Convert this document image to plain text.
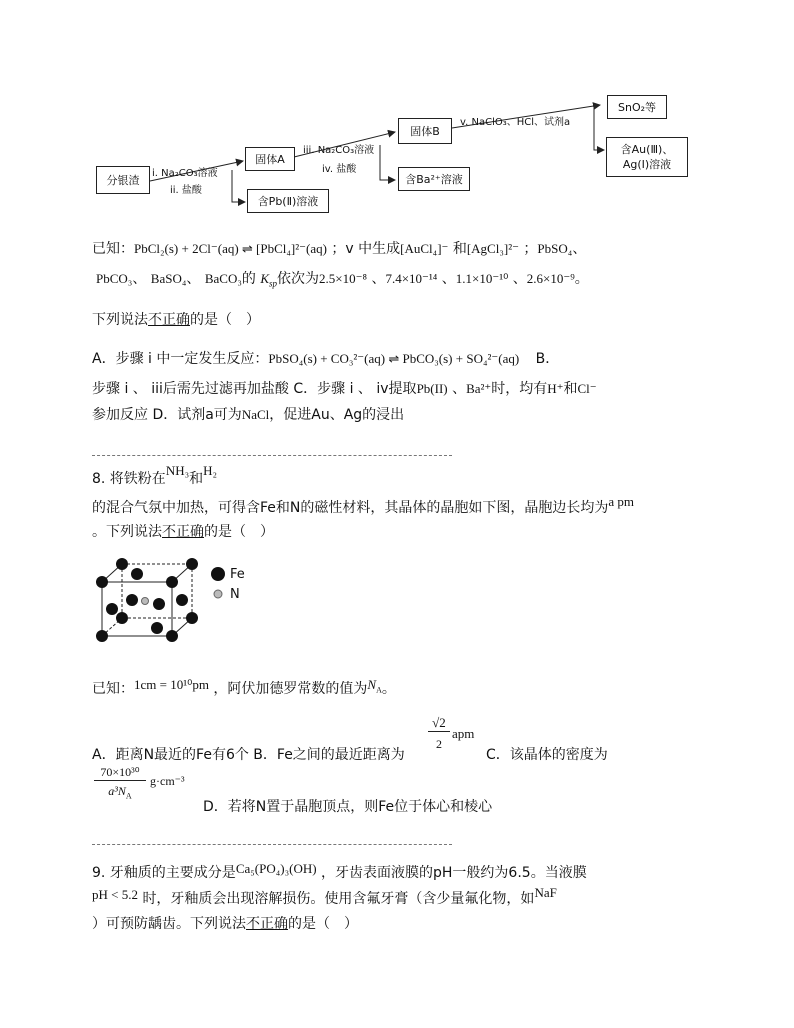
分银渣
i. Na₂CO₃溶液
ii. 盐酸
固体A
含Pb(Ⅱ)溶液
iii. Na₂CO₃溶液
iv. 盐酸
固体B
含Ba²⁺溶液
v. NaClO₃、HCl、试剂a
SnO₂等
含Au(Ⅲ)、
Ag(Ⅰ)溶液
已知：PbCl₂(s) + 2Cl⁻(aq) ⇌ [PbCl₄]²⁻(aq) ；v 中生成[AuCl₄]⁻ 和[AgCl₃]²⁻ ；PbSO₄、
PbCO₃、 BaSO₄、 BaCO₃的 $K_{sp}$依次为2.5×10⁻⁸ 、7.4×10⁻¹⁴ 、1.1×10⁻¹⁰ 、2.6×10⁻⁹。
下列说法不正确的是（　）
A．步骤 i 中一定发生反应：PbSO₄(s) + CO₃²⁻(aq) ⇌ PbCO₃(s) + SO₄²⁻(aq) B．
步骤 i 、 iii后需先过滤再加盐酸 C．步骤 i 、 iv提取Pb(II) 、Ba²⁺时，均有H⁺和Cl⁻
参加反应 D．试剂a可为NaCl，促进Au、Ag的浸出
8. 将铁粉在NH₃和H₂
的混合气氛中加热，可得含Fe和N的磁性材料，其晶体的晶胞如下图，晶胞边长均为a pm
。下列说法不正确的是（　）
Fe
N
已知：1cm = 10¹⁰pm ，阿伏加德罗常数的值为$N_A$。
A．距离N最近的Fe有6个 B．Fe之间的最近距离为
√2
2
apm
C．该晶体的密度为
70×10³⁰
$a^3N_A$
g·cm⁻³
D．若将N置于晶胞顶点，则Fe位于体心和棱心
9. 牙釉质的主要成分是Ca₅(PO₄)₃(OH) ，牙齿表面液膜的pH一般约为6.5。当液膜
pH < 5.2 时，牙釉质会出现溶解损伤。使用含氟牙膏（含少量氟化物，如NaF
）可预防龋齿。下列说法不正确的是（　）
